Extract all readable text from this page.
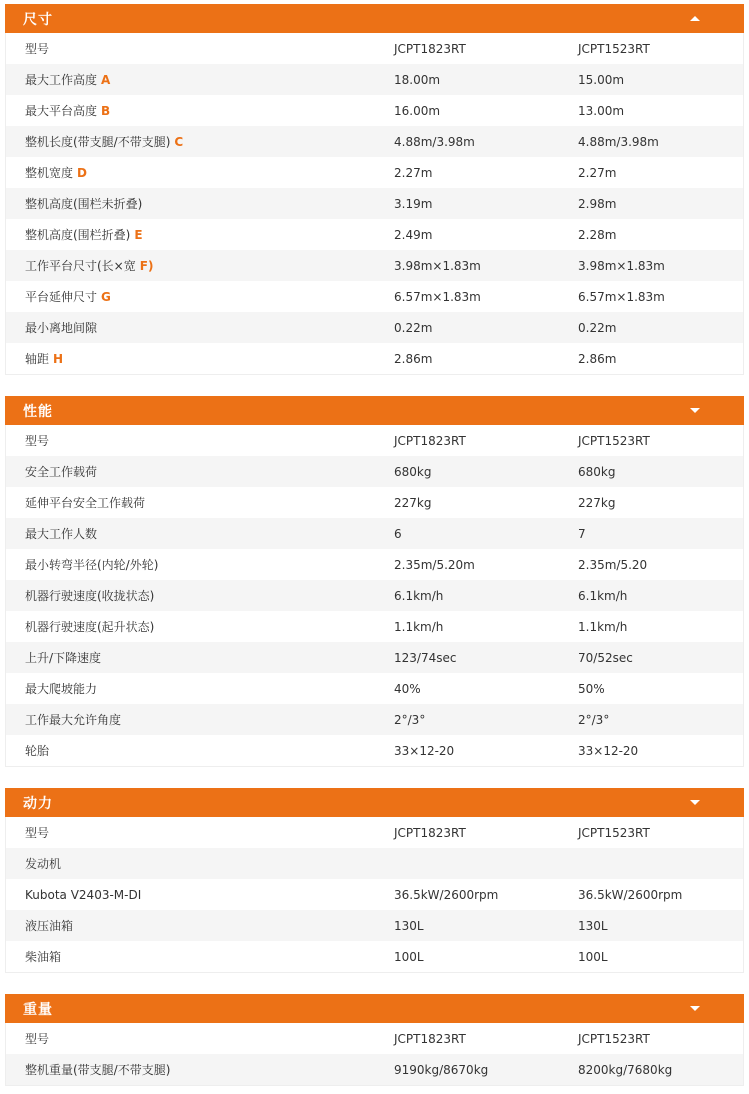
尺寸
型号	JCPT1823RT	JCPT1523RT
最大工作高度 A	18.00m	15.00m
最大平台高度 B	16.00m	13.00m
整机长度(带支腿/不带支腿) C	4.88m/3.98m	4.88m/3.98m
整机宽度 D	2.27m	2.27m
整机高度(围栏未折叠)	3.19m	2.98m
整机高度(围栏折叠) E	2.49m	2.28m
工作平台尺寸(长×宽 F)	3.98m×1.83m	3.98m×1.83m
平台延伸尺寸 G	6.57m×1.83m	6.57m×1.83m
最小离地间隙	0.22m	0.22m
轴距 H	2.86m	2.86m
性能
型号	JCPT1823RT	JCPT1523RT
安全工作载荷	680kg	680kg
延伸平台安全工作载荷	227kg	227kg
最大工作人数	6	7
最小转弯半径(内轮/外轮)	2.35m/5.20m	2.35m/5.20
机器行驶速度(收拢状态)	6.1km/h	6.1km/h
机器行驶速度(起升状态)	1.1km/h	1.1km/h
上升/下降速度	123/74sec	70/52sec
最大爬坡能力	40%	50%
工作最大允许角度	2°/3°	2°/3°
轮胎	33×12-20	33×12-20
动力
型号	JCPT1823RT	JCPT1523RT
发动机
Kubota V2403-M-DI	36.5kW/2600rpm	36.5kW/2600rpm
液压油箱	130L	130L
柴油箱	100L	100L
重量
型号	JCPT1823RT	JCPT1523RT
整机重量(带支腿/不带支腿)	9190kg/8670kg	8200kg/7680kg
